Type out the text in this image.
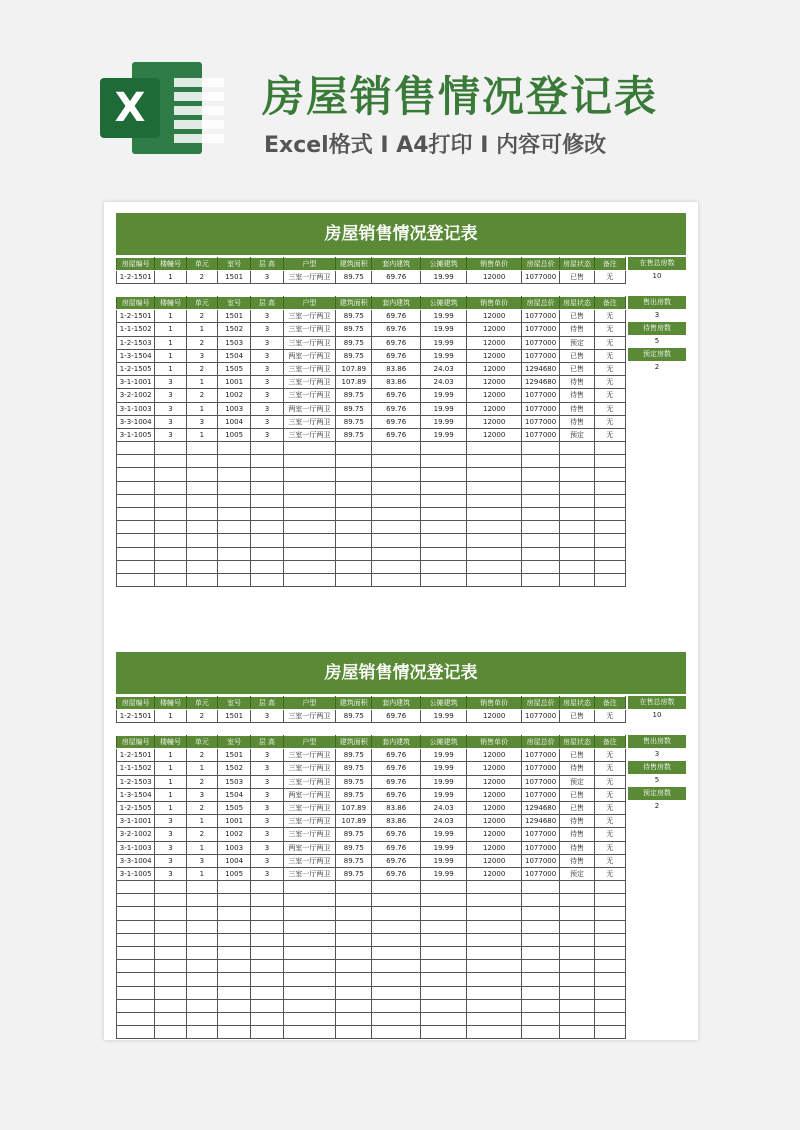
X	房屋销售情况登记表
Excel格式 I A4打印 I 内容可修改
房屋销售情况登记表
房屋编号	楼幢号	单元	室号	层 高	户型	建筑面积	套内建筑	公摊建筑	销售单价	房屋总价	房屋状态	备注
1-2-1501	1	2	1501	3	三室一厅两卫	89.75	69.76	19.99	12000	1077000	已售	无
在售总房数
10
房屋编号	楼幢号	单元	室号	层 高	户型	建筑面积	套内建筑	公摊建筑	销售单价	房屋总价	房屋状态	备注
1-2-1501	1	2	1501	3	三室一厅两卫	89.75	69.76	19.99	12000	1077000	已售	无
1-1-1502	1	1	1502	3	三室一厅两卫	89.75	69.76	19.99	12000	1077000	待售	无
1-2-1503	1	2	1503	3	三室一厅两卫	89.75	69.76	19.99	12000	1077000	预定	无
1-3-1504	1	3	1504	3	两室一厅两卫	89.75	69.76	19.99	12000	1077000	已售	无
1-2-1505	1	2	1505	3	三室一厅两卫	107.89	83.86	24.03	12000	1294680	已售	无
3-1-1001	3	1	1001	3	三室一厅两卫	107.89	83.86	24.03	12000	1294680	待售	无
3-2-1002	3	2	1002	3	三室一厅两卫	89.75	69.76	19.99	12000	1077000	待售	无
3-1-1003	3	1	1003	3	两室一厅两卫	89.75	69.76	19.99	12000	1077000	待售	无
3-3-1004	3	3	1004	3	三室一厅两卫	89.75	69.76	19.99	12000	1077000	待售	无
3-1-1005	3	1	1005	3	三室一厅两卫	89.75	69.76	19.99	12000	1077000	预定	无

售出房数
3
待售房数
5
预定房数
2
房屋销售情况登记表
房屋编号	楼幢号	单元	室号	层 高	户型	建筑面积	套内建筑	公摊建筑	销售单价	房屋总价	房屋状态	备注
1-2-1501	1	2	1501	3	三室一厅两卫	89.75	69.76	19.99	12000	1077000	已售	无
在售总房数
10
房屋编号	楼幢号	单元	室号	层 高	户型	建筑面积	套内建筑	公摊建筑	销售单价	房屋总价	房屋状态	备注
1-2-1501	1	2	1501	3	三室一厅两卫	89.75	69.76	19.99	12000	1077000	已售	无
1-1-1502	1	1	1502	3	三室一厅两卫	89.75	69.76	19.99	12000	1077000	待售	无
1-2-1503	1	2	1503	3	三室一厅两卫	89.75	69.76	19.99	12000	1077000	预定	无
1-3-1504	1	3	1504	3	两室一厅两卫	89.75	69.76	19.99	12000	1077000	已售	无
1-2-1505	1	2	1505	3	三室一厅两卫	107.89	83.86	24.03	12000	1294680	已售	无
3-1-1001	3	1	1001	3	三室一厅两卫	107.89	83.86	24.03	12000	1294680	待售	无
3-2-1002	3	2	1002	3	三室一厅两卫	89.75	69.76	19.99	12000	1077000	待售	无
3-1-1003	3	1	1003	3	两室一厅两卫	89.75	69.76	19.99	12000	1077000	待售	无
3-3-1004	3	3	1004	3	三室一厅两卫	89.75	69.76	19.99	12000	1077000	待售	无
3-1-1005	3	1	1005	3	三室一厅两卫	89.75	69.76	19.99	12000	1077000	预定	无

售出房数
3
待售房数
5
预定房数
2
